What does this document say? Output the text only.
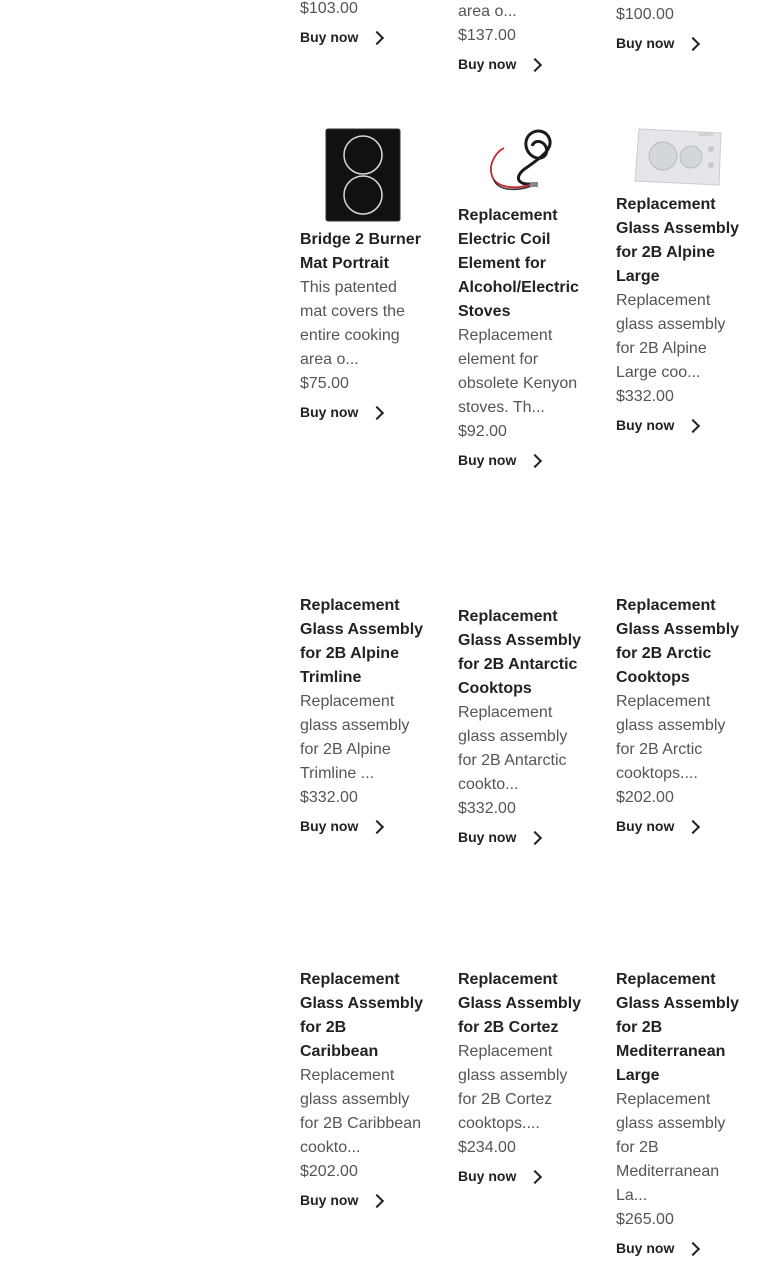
$103.00

Buy now

area o...

$137.00

Buy now

$100.00

Buy now

Bridge 2 Burner Mat Portrait

This patented mat covers the entire cooking area o...

$75.00

Buy now

Replacement Electric Coil Element for Alcohol/Electric Stoves

Replacement element for obsolete Kenyon stoves. Th...

$92.00

Buy now

Replacement Glass Assembly for 2B Alpine Large

Replacement glass assembly for 2B Alpine Large coo...

$332.00

Buy now

Replacement Glass Assembly for 2B Alpine Trimline

Replacement glass assembly for 2B Alpine Trimline ...

$332.00

Buy now

Replacement Glass Assembly for 2B Antarctic Cooktops

Replacement glass assembly for 2B Antarctic cookto...

$332.00

Buy now

Replacement Glass Assembly for 2B Arctic Cooktops

Replacement glass assembly for 2B Arctic cooktops....

$202.00

Buy now

Replacement Glass Assembly for 2B Caribbean

Replacement glass assembly for 2B Caribbean cookto...

$202.00

Buy now

Replacement Glass Assembly for 2B Cortez

Replacement glass assembly for 2B Cortez cooktops....

$234.00

Buy now

Replacement Glass Assembly for 2B Mediterranean Large

Replacement glass assembly for 2B Mediterranean La...

$265.00

Buy now
